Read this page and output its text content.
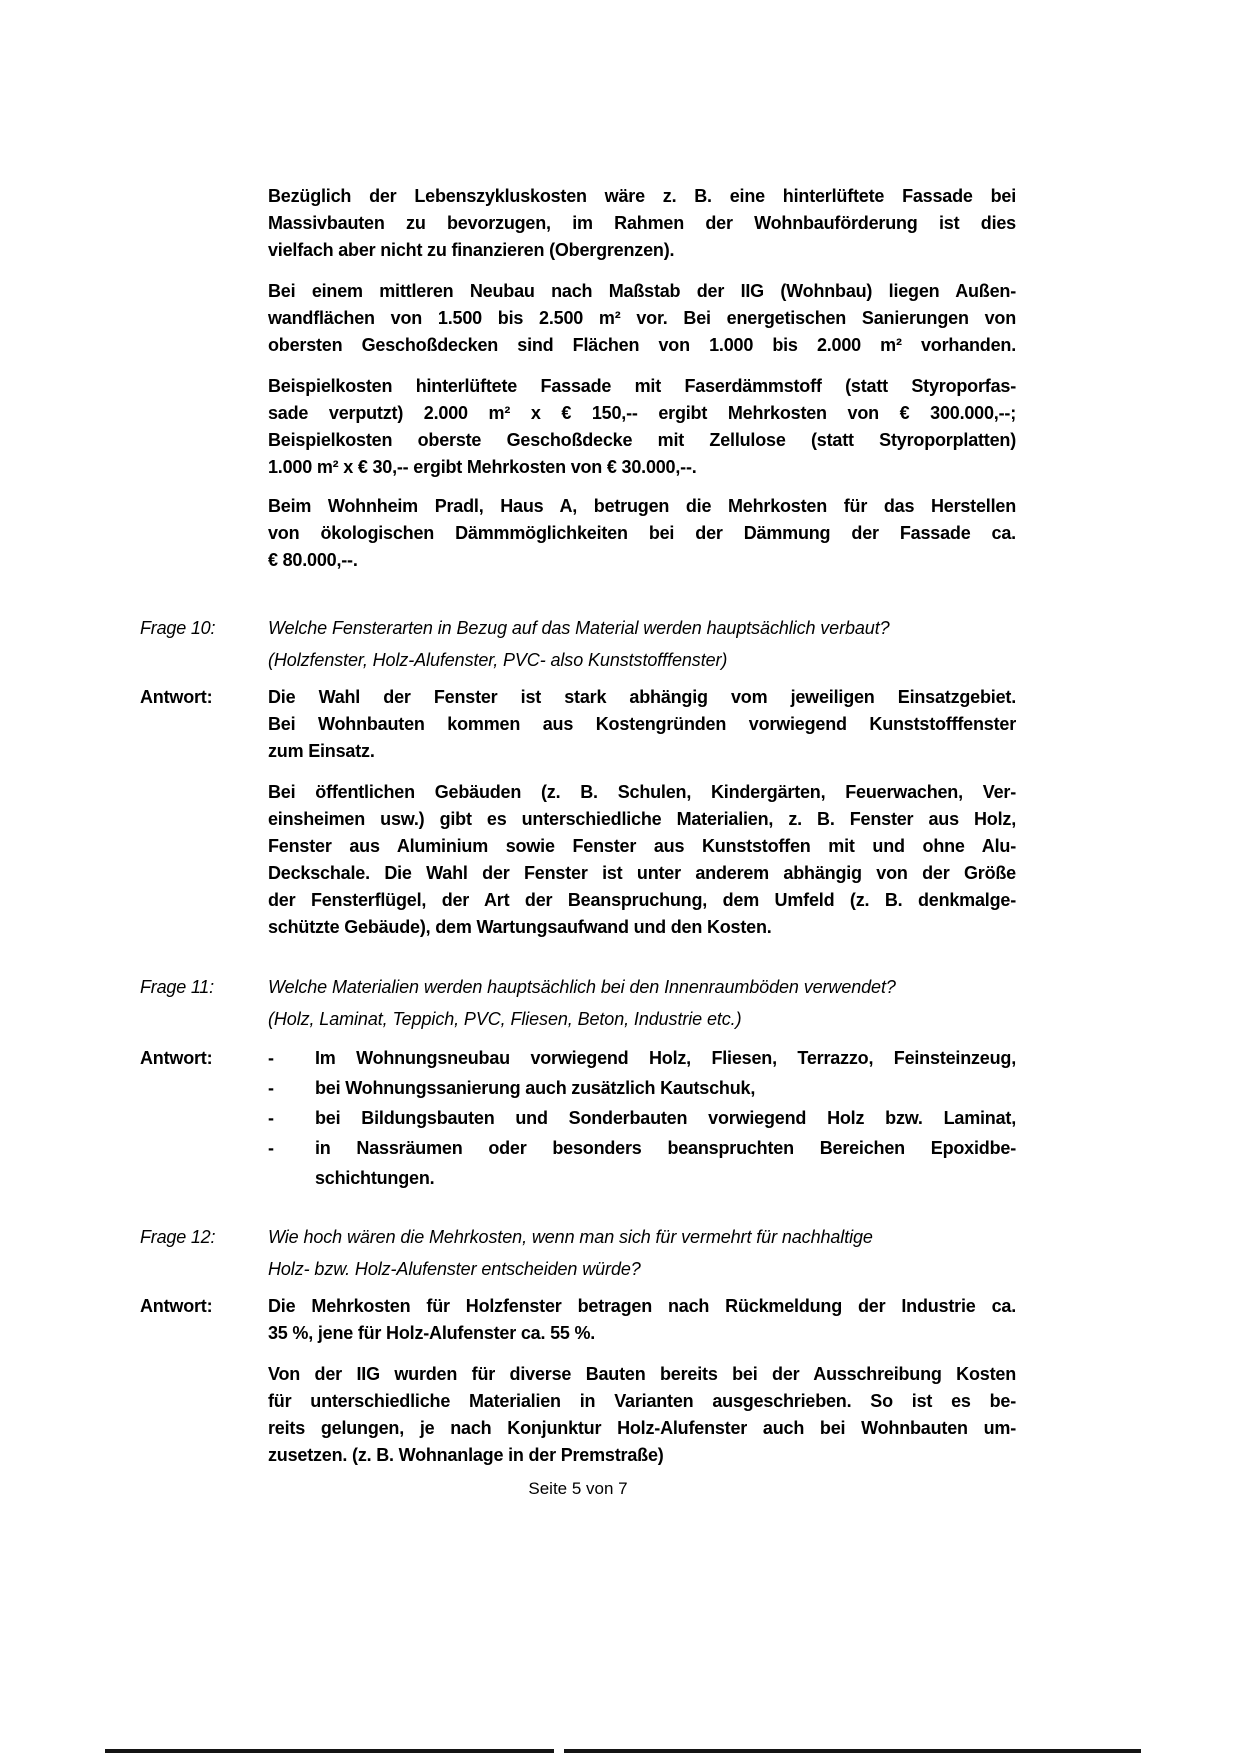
Bezüglich der Lebenszykluskosten wäre z. B. eine hinterlüftete Fassade bei
Massivbauten zu bevorzugen, im Rahmen der Wohnbauförderung ist dies
vielfach aber nicht zu finanzieren (Obergrenzen).
Bei einem mittleren Neubau nach Maßstab der IIG (Wohnbau) liegen Außen-
wandflächen von 1.500 bis 2.500 m² vor. Bei energetischen Sanierungen von
obersten Geschoßdecken sind Flächen von 1.000 bis 2.000 m² vorhanden.
Beispielkosten hinterlüftete Fassade mit Faserdämmstoff (statt Styroporfas-
sade verputzt) 2.000 m² x € 150,-- ergibt Mehrkosten von € 300.000,--;
Beispielkosten oberste Geschoßdecke mit Zellulose (statt Styroporplatten)
1.000 m² x € 30,-- ergibt Mehrkosten von € 30.000,--.
Beim Wohnheim Pradl, Haus A, betrugen die Mehrkosten für das Herstellen
von ökologischen Dämmmöglichkeiten bei der Dämmung der Fassade ca.
€ 80.000,--.
Frage 10:	Welche Fensterarten in Bezug auf das Material werden hauptsächlich verbaut?
(Holzfenster, Holz-Alufenster, PVC- also Kunststofffenster)
Antwort:	Die Wahl der Fenster ist stark abhängig vom jeweiligen Einsatzgebiet.
Bei Wohnbauten kommen aus Kostengründen vorwiegend Kunststofffenster
zum Einsatz.
Bei öffentlichen Gebäuden (z. B. Schulen, Kindergärten, Feuerwachen, Ver-
einsheimen usw.) gibt es unterschiedliche Materialien, z. B. Fenster aus Holz,
Fenster aus Aluminium sowie Fenster aus Kunststoffen mit und ohne Alu-
Deckschale. Die Wahl der Fenster ist unter anderem abhängig von der Größe
der Fensterflügel, der Art der Beanspruchung, dem Umfeld (z. B. denkmalge-
schützte Gebäude), dem Wartungsaufwand und den Kosten.
Frage 11:	Welche Materialien werden hauptsächlich bei den Innenraumböden verwendet?
(Holz, Laminat, Teppich, PVC, Fliesen, Beton, Industrie etc.)
Antwort:	-	Im Wohnungsneubau vorwiegend Holz, Fliesen, Terrazzo, Feinsteinzeug,
-	bei Wohnungssanierung auch zusätzlich Kautschuk,
-	bei Bildungsbauten und Sonderbauten vorwiegend Holz bzw. Laminat,
-	in Nassräumen oder besonders beanspruchten Bereichen Epoxidbe-
schichtungen.
Frage 12:	Wie hoch wären die Mehrkosten, wenn man sich für vermehrt für nachhaltige
Holz- bzw. Holz-Alufenster entscheiden würde?
Antwort:	Die Mehrkosten für Holzfenster betragen nach Rückmeldung der Industrie ca.
35 %, jene für Holz-Alufenster ca. 55 %.
Von der IIG wurden für diverse Bauten bereits bei der Ausschreibung Kosten
für unterschiedliche Materialien in Varianten ausgeschrieben. So ist es be-
reits gelungen, je nach Konjunktur Holz-Alufenster auch bei Wohnbauten um-
zusetzen. (z. B. Wohnanlage in der Premstraße)
Seite 5 von 7
